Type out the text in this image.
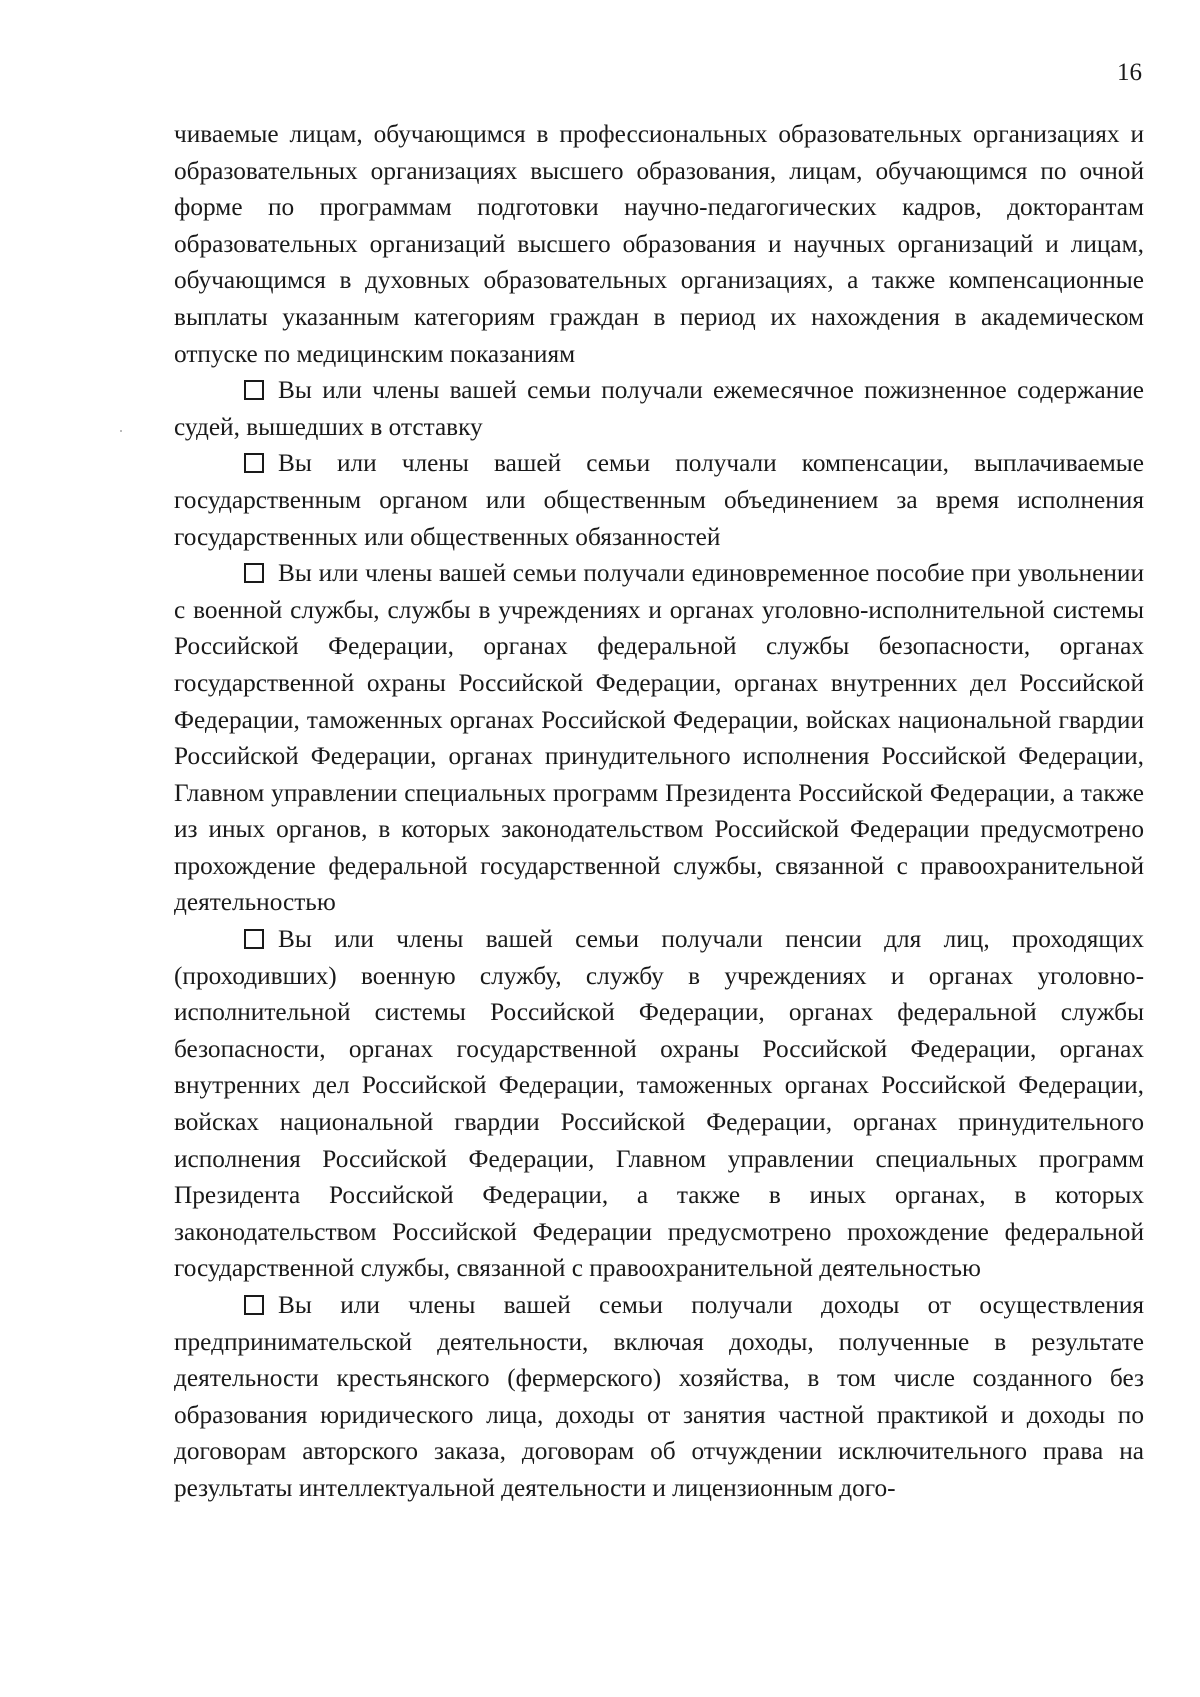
16

чиваемые лицам, обучающимся в профессиональных образовательных организациях и образовательных организациях высшего образования, лицам, обучающимся по очной форме по программам подготовки научно-педагогических кадров, докторантам образовательных организаций высшего образования и научных организаций и лицам, обучающимся в духовных образовательных организациях, а также компенсационные выплаты указанным категориям граждан в период их нахождения в академическом отпуске по медицинским показаниям

Вы или члены вашей семьи получали ежемесячное пожизненное содержание судей, вышедших в отставку

Вы или члены вашей семьи получали компенсации, выплачиваемые государственным органом или общественным объединением за время исполнения государственных или общественных обязанностей

Вы или члены вашей семьи получали единовременное пособие при увольнении с военной службы, службы в учреждениях и органах уголовно-исполнительной системы Российской Федерации, органах федеральной службы безопасности, органах государственной охраны Российской Федерации, органах внутренних дел Российской Федерации, таможенных органах Российской Федерации, войсках национальной гвардии Российской Федерации, органах принудительного исполнения Российской Федерации, Главном управлении специальных программ Президента Российской Федерации, а также из иных органов, в которых законодательством Российской Федерации предусмотрено прохождение федеральной государственной службы, связанной с правоохранительной деятельностью

Вы или члены вашей семьи получали пенсии для лиц, проходящих (проходивших) военную службу, службу в учреждениях и органах уголовно-исполнительной системы Российской Федерации, органах федеральной службы безопасности, органах государственной охраны Российской Федерации, органах внутренних дел Российской Федерации, таможенных органах Российской Федерации, войсках национальной гвардии Российской Федерации, органах принудительного исполнения Российской Федерации, Главном управлении специальных программ Президента Российской Федерации, а также в иных органах, в которых законодательством Российской Федерации предусмотрено прохождение федеральной государственной службы, связанной с правоохранительной деятельностью

Вы или члены вашей семьи получали доходы от осуществления предпринимательской деятельности, включая доходы, полученные в результате деятельности крестьянского (фермерского) хозяйства, в том числе созданного без образования юридического лица, доходы от занятия частной практикой и доходы по договорам авторского заказа, договорам об отчуждении исключительного права на результаты интеллектуальной деятельности и лицензионным дого-
